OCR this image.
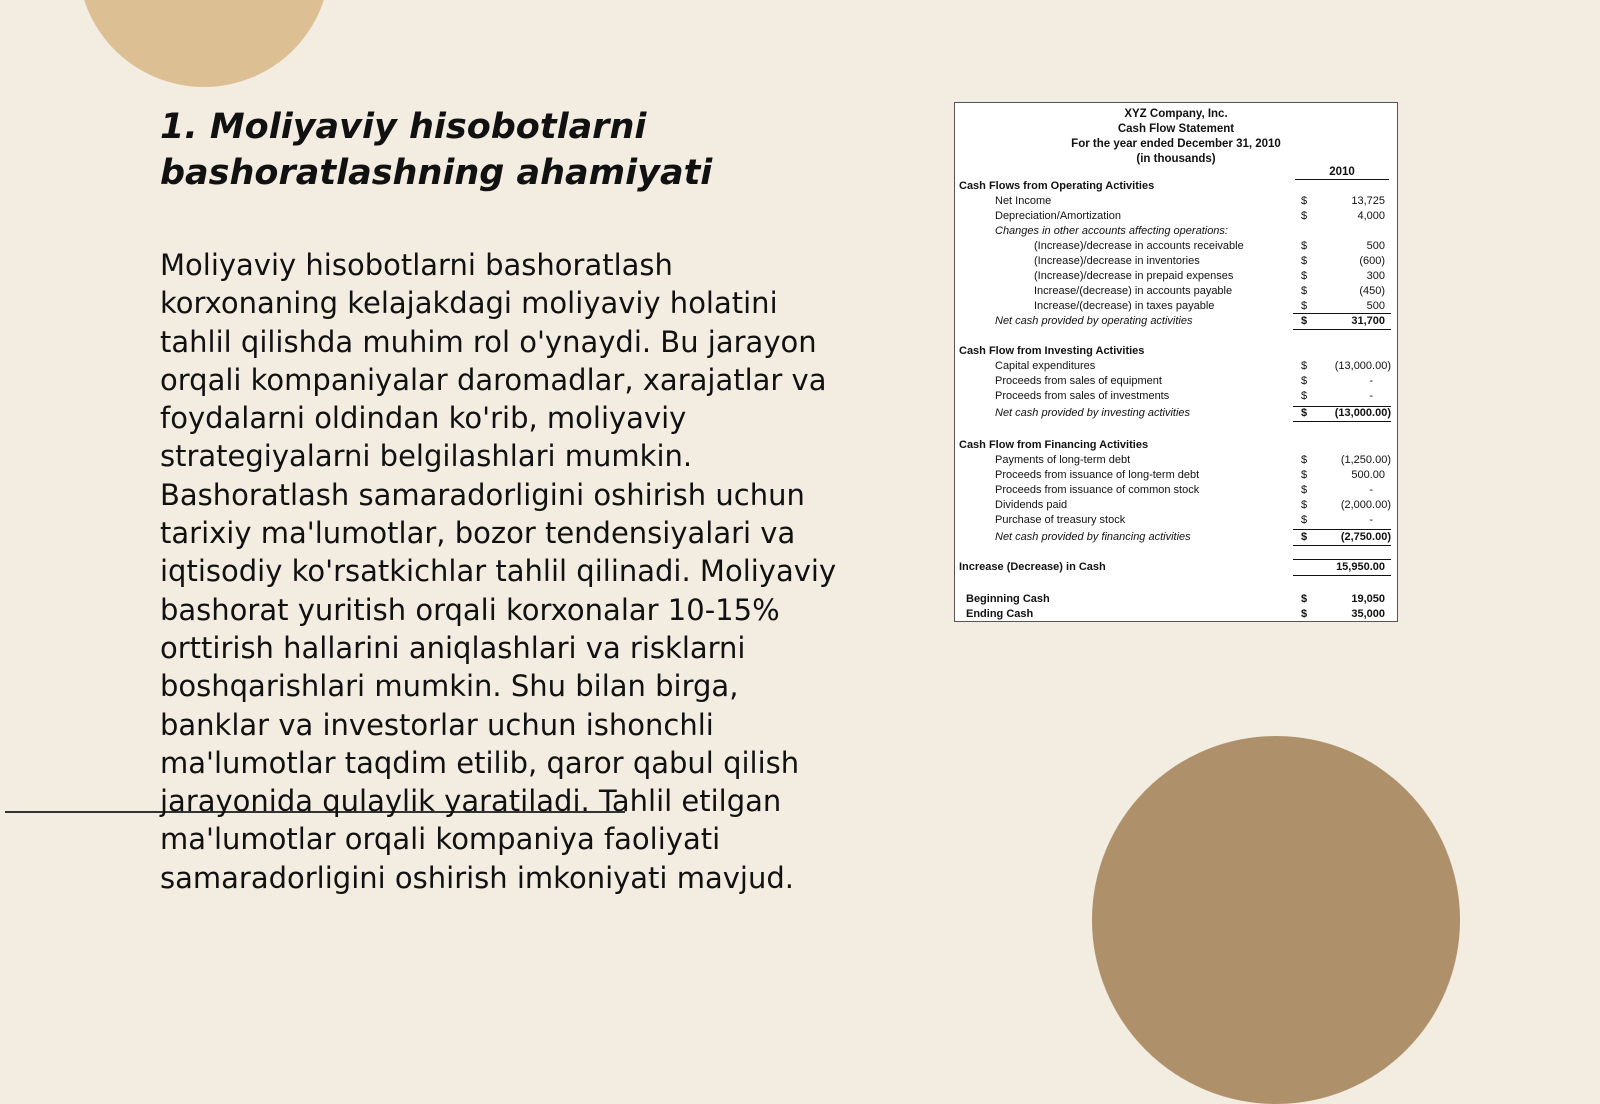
1. Moliyaviy hisobotlarni
bashoratlashning ahamiyati

Moliyaviy hisobotlarni bashoratlash korxonaning kelajakdagi moliyaviy holatini tahlil qilishda muhim rol o'ynaydi. Bu jarayon orqali kompaniyalar daromadlar, xarajatlar va foydalarni oldindan ko'rib, moliyaviy strategiyalarni belgilashlari mumkin. Bashoratlash samaradorligini oshirish uchun tarixiy ma'lumotlar, bozor tendensiyalari va iqtisodiy ko'rsatkichlar tahlil qilinadi. Moliyaviy bashorat yuritish orqali korxonalar 10-15% orttirish hallarini aniqlashlari va risklarni boshqarishlari mumkin. Shu bilan birga, banklar va investorlar uchun ishonchli ma'lumotlar taqdim etilib, qaror qabul qilish jarayonida qulaylik yaratiladi. Tahlil etilgan ma'lumotlar orqali kompaniya faoliyati samaradorligini oshirish imkoniyati mavjud.

XYZ Company, Inc.
Cash Flow Statement
For the year ended December 31, 2010
(in thousands)
2010
Cash Flows from Operating Activities
Net Income	$	13,725
Depreciation/Amortization	$	4,000
Changes in other accounts affecting operations:
(Increase)/decrease in accounts receivable	$	500
(Increase)/decrease in inventories	$	(600)
(Increase)/decrease in prepaid expenses	$	300
Increase/(decrease) in accounts payable	$	(450)
Increase/(decrease) in taxes payable	$	500
Net cash provided by operating activities	$	31,700
Cash Flow from Investing Activities
Capital expenditures	$	(13,000.00)
Proceeds from sales of equipment	$	-
Proceeds from sales of investments	$	-
Net cash provided by investing activities	$	(13,000.00)
Cash Flow from Financing Activities
Payments of long-term debt	$	(1,250.00)
Proceeds from issuance of long-term debt	$	500.00
Proceeds from issuance of common stock	$	-
Dividends paid	$	(2,000.00)
Purchase of treasury stock	$	-
Net cash provided by financing activities	$	(2,750.00)
Increase (Decrease) in Cash	15,950.00
Beginning Cash	$	19,050
Ending Cash	$	35,000
